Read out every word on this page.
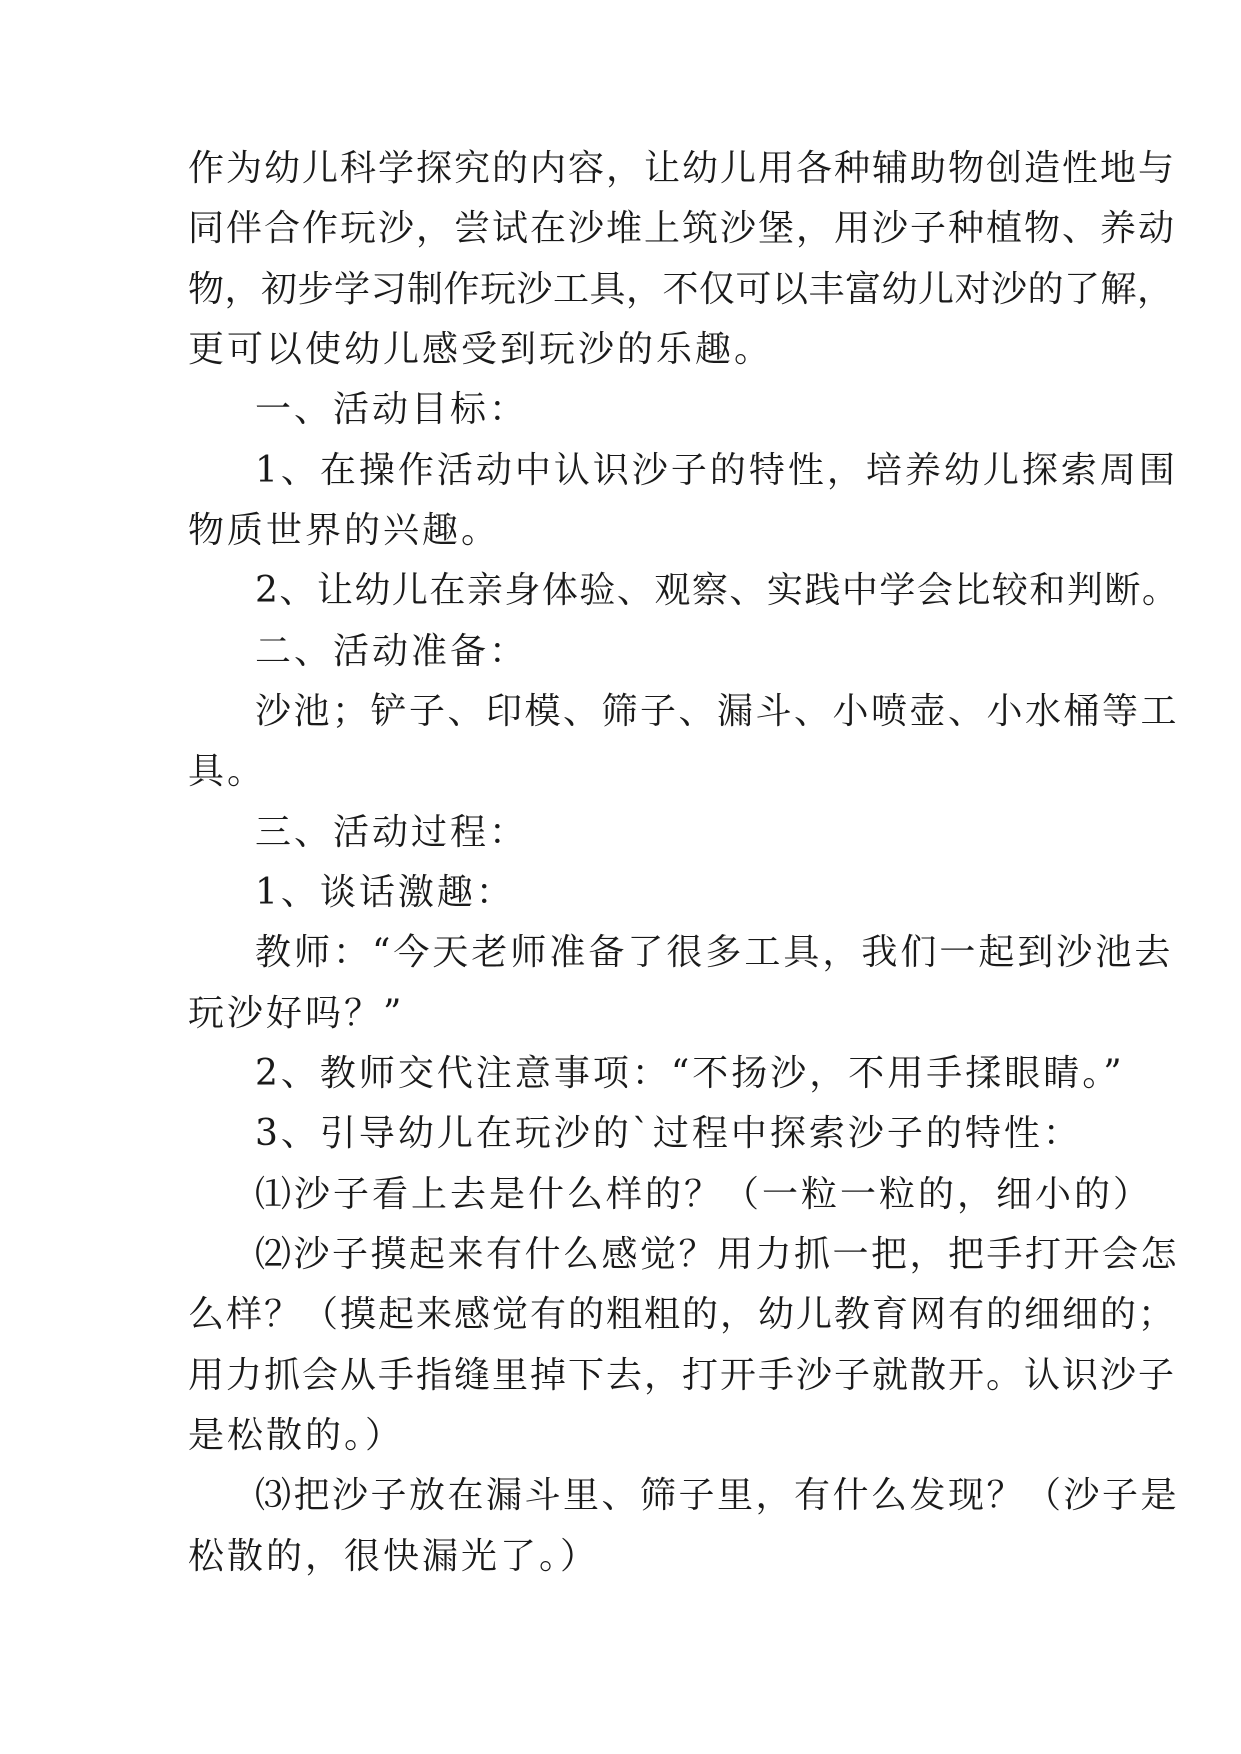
作为幼儿科学探究的内容，让幼儿用各种辅助物创造性地与
同伴合作玩沙，尝试在沙堆上筑沙堡，用沙子种植物、养动
物，初步学习制作玩沙工具，不仅可以丰富幼儿对沙的了解，
更可以使幼儿感受到玩沙的乐趣。
一、活动目标：
1、在操作活动中认识沙子的特性，培养幼儿探索周围
物质世界的兴趣。
2、让幼儿在亲身体验、观察、实践中学会比较和判断。
二、活动准备：
沙池；铲子、印模、筛子、漏斗、小喷壶、小水桶等工
具。
三、活动过程：
1、谈话激趣：
教师：“今天老师准备了很多工具，我们一起到沙池去
玩沙好吗？”
2、教师交代注意事项：“不扬沙，不用手揉眼睛。”
3、引导幼儿在玩沙的`过程中探索沙子的特性：
⑴沙子看上去是什么样的？（一粒一粒的，细小的）
⑵沙子摸起来有什么感觉？用力抓一把，把手打开会怎
么样？（摸起来感觉有的粗粗的，幼儿教育网有的细细的；
用力抓会从手指缝里掉下去，打开手沙子就散开。认识沙子
是松散的。）
⑶把沙子放在漏斗里、筛子里，有什么发现？（沙子是
松散的，很快漏光了。）
